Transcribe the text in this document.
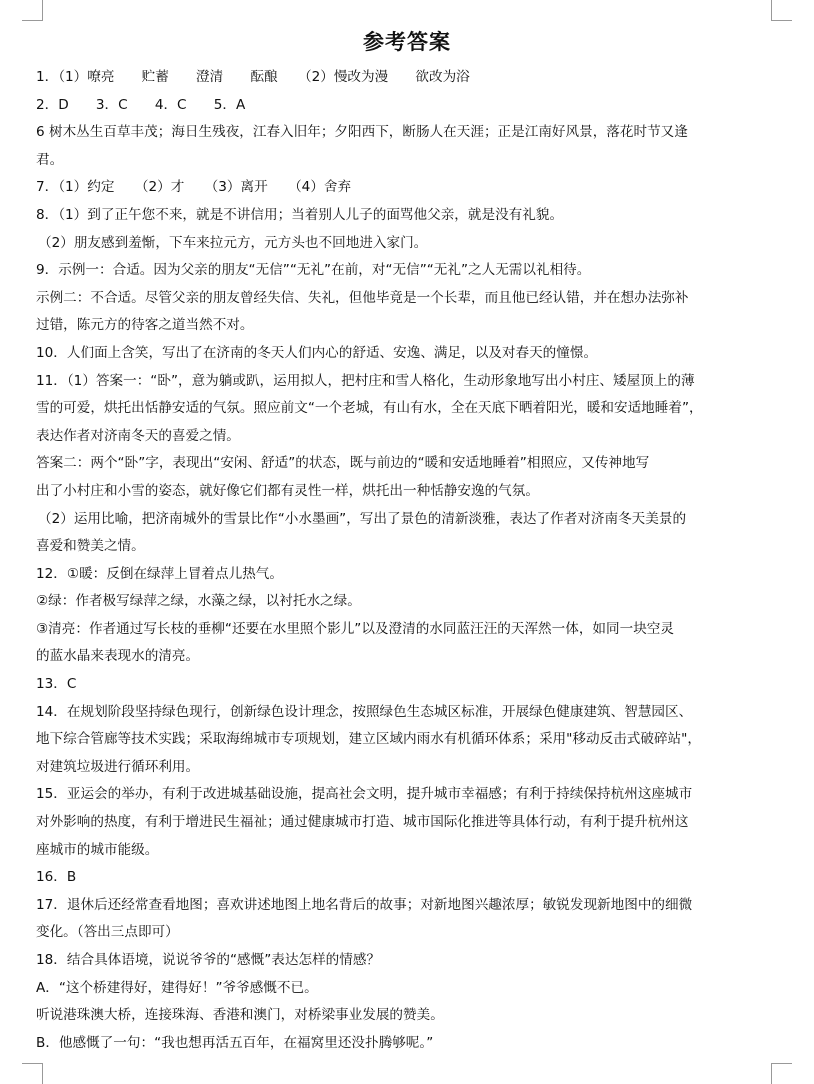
参考答案
1．（1）嘹亮　　贮蓄　　澄清　　酝酿　　（2）慢改为漫　　欲改为浴
2．D　　3．C　　4．C　　5．A
6 树木丛生百草丰茂；海日生残夜，江春入旧年；夕阳西下，断肠人在天涯；正是江南好风景，落花时节又逢
君。
7．（1）约定　　（2）才　　（3）离开　　（4）舍弃
8．（1）到了正午您不来，就是不讲信用；当着别人儿子的面骂他父亲，就是没有礼貌。
（2）朋友感到羞惭，下车来拉元方，元方头也不回地进入家门。
9．示例一：合适。因为父亲的朋友“无信”“无礼”在前，对“无信”“无礼”之人无需以礼相待。
示例二：不合适。尽管父亲的朋友曾经失信、失礼，但他毕竟是一个长辈，而且他已经认错，并在想办法弥补
过错，陈元方的待客之道当然不对。
10．人们面上含笑，写出了在济南的冬天人们内心的舒适、安逸、满足，以及对春天的憧憬。
11．（1）答案一：“卧”，意为躺或趴，运用拟人，把村庄和雪人格化，生动形象地写出小村庄、矮屋顶上的薄
雪的可爱，烘托出恬静安适的气氛。照应前文“一个老城，有山有水，全在天底下晒着阳光，暖和安适地睡着”，
表达作者对济南冬天的喜爱之情。
答案二：两个“卧”字，表现出“安闲、舒适”的状态，既与前边的“暖和安适地睡着”相照应，又传神地写
出了小村庄和小雪的姿态，就好像它们都有灵性一样，烘托出一种恬静安逸的气氛。
（2）运用比喻，把济南城外的雪景比作“小水墨画”，写出了景色的清新淡雅，表达了作者对济南冬天美景的
喜爱和赞美之情。
12．①暖：反倒在绿萍上冒着点儿热气。
②绿：作者极写绿萍之绿，水藻之绿，以衬托水之绿。
③清亮：作者通过写长枝的垂柳“还要在水里照个影儿”以及澄清的水同蓝汪汪的天浑然一体，如同一块空灵
的蓝水晶来表现水的清亮。
13．C
14．在规划阶段坚持绿色现行，创新绿色设计理念，按照绿色生态城区标准，开展绿色健康建筑、智慧园区、
地下综合管廊等技术实践；采取海绵城市专项规划，建立区域内雨水有机循环体系；采用"移动反击式破碎站"，
对建筑垃圾进行循环利用。
15．亚运会的举办，有利于改进城基础设施，提高社会文明，提升城市幸福感；有利于持续保持杭州这座城市
对外影响的热度，有利于增进民生福祉；通过健康城市打造、城市国际化推进等具体行动，有利于提升杭州这
座城市的城市能级。
16．B
17．退休后还经常查看地图；喜欢讲述地图上地名背后的故事；对新地图兴趣浓厚；敏锐发现新地图中的细微
变化。（答出三点即可）
18．结合具体语境，说说爷爷的“感慨”表达怎样的情感？
A．“这个桥建得好，建得好！”爷爷感慨不已。
听说港珠澳大桥，连接珠海、香港和澳门，对桥梁事业发展的赞美。
B．他感慨了一句：“我也想再活五百年，在福窝里还没扑腾够呢。”
